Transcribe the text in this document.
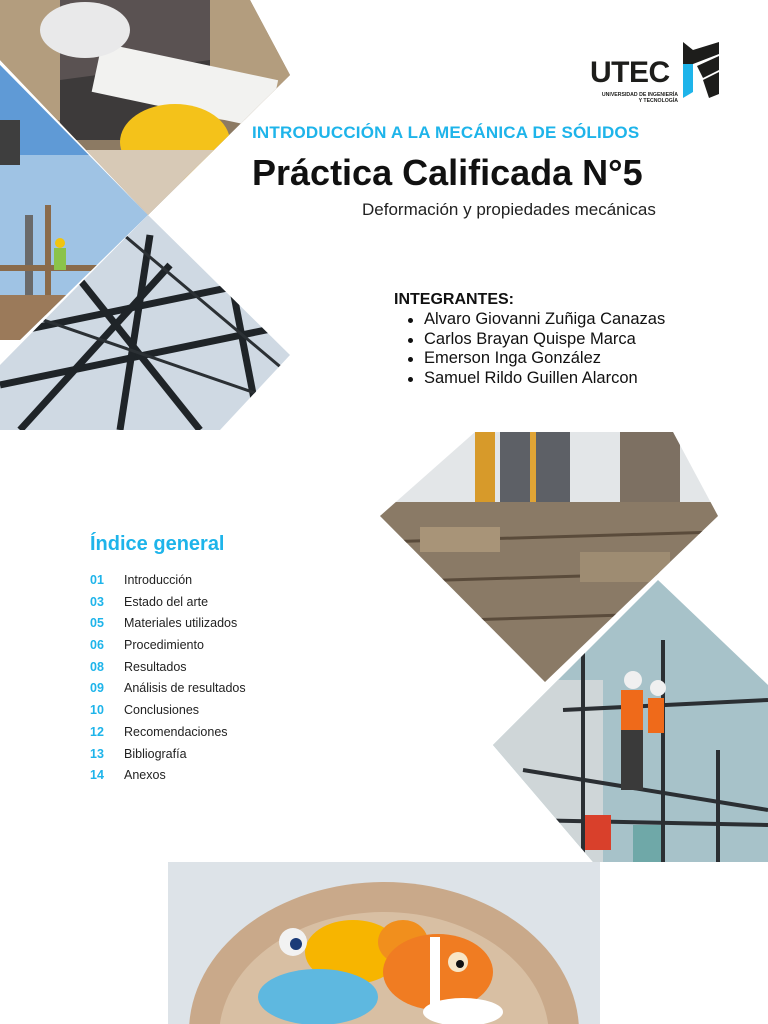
UTEC
UNIVERSIDAD DE INGENIERÍA
Y TECNOLOGÍA
INTRODUCCIÓN A LA MECÁNICA DE SÓLIDOS
Práctica Calificada N°5
Deformación y propiedades mecánicas
INTEGRANTES:
Alvaro Giovanni Zuñiga Canazas
Carlos Brayan Quispe Marca
Emerson Inga González
Samuel Rildo Guillen Alarcon
Índice general
01	Introducción
03	Estado del arte
05	Materiales utilizados
06	Procedimiento
08	Resultados
09	Análisis de resultados
10	Conclusiones
12	Recomendaciones
13	Bibliografía
14	Anexos
